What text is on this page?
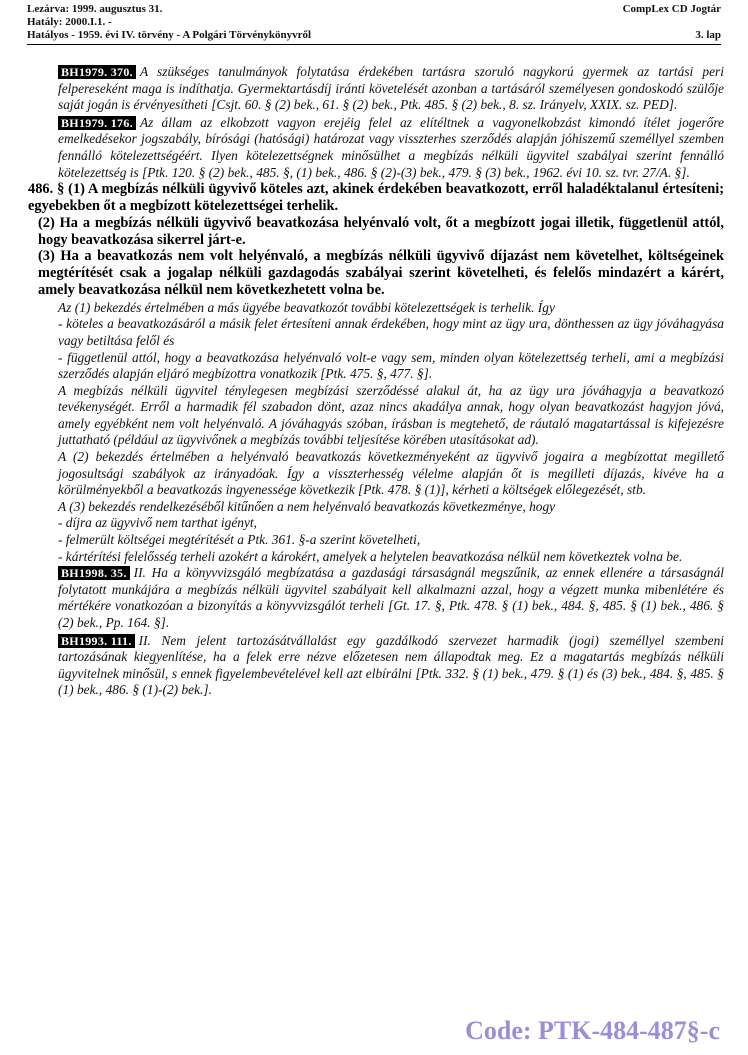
Lezárva: 1999. augusztus 31.	CompLex CD Jogtár
Hatály: 2000.I.1. -
Hatályos - 1959. évi IV. törvény - A Polgári Törvénykönyvről	3. lap

BH1979. 370. A szükséges tanulmányok folytatása érdekében tartásra szoruló nagykorú gyermek az tartási peri felpereseként maga is indíthatja. Gyermektartásdíj iránti követelését azonban a tartásáról személyesen gondoskodó szülője saját jogán is érvényesítheti [Csjt. 60. § (2) bek., 61. § (2) bek., Ptk. 485. § (2) bek., 8. sz. Irányelv, XXIX. sz. PED].

BH1979. 176. Az állam az elkobzott vagyon erejéig felel az elítéltnek a vagyonelkobzást kimondó ítélet jogerőre emelkedésekor jogszabály, bírósági (hatósági) határozat vagy visszterhes szerződés alapján jóhiszemű személlyel szemben fennálló kötelezettségéért. Ilyen kötelezettségnek minősülhet a megbízás nélküli ügyvitel szabályai szerint fennálló kötelezettség is [Ptk. 120. § (2) bek., 485. §, (1) bek., 486. § (2)-(3) bek., 479. § (3) bek., 1962. évi 10. sz. tvr. 27/A. §].

486. § (1) A megbízás nélküli ügyvivő köteles azt, akinek érdekében beavatkozott, erről haladéktalanul értesíteni; egyebekben őt a megbízott kötelezettségei terhelik.

(2) Ha a megbízás nélküli ügyvivő beavatkozása helyénvaló volt, őt a megbízott jogai illetik, függetlenül attól, hogy beavatkozása sikerrel járt-e.

(3) Ha a beavatkozás nem volt helyénvaló, a megbízás nélküli ügyvivő díjazást nem követelhet, költségeinek megtérítését csak a jogalap nélküli gazdagodás szabályai szerint követelheti, és felelős mindazért a kárért, amely beavatkozása nélkül nem következhetett volna be.

Az (1) bekezdés értelmében a más ügyébe beavatkozót további kötelezettségek is terhelik. Így

- köteles a beavatkozásáról a másik felet értesíteni annak érdekében, hogy mint az ügy ura, dönthessen az ügy jóváhagyása vagy betiltása felől és

- függetlenül attól, hogy a beavatkozása helyénvaló volt-e vagy sem, minden olyan kötelezettség terheli, ami a megbízási szerződés alapján eljáró megbízottra vonatkozik [Ptk. 475. §, 477. §].

A megbízás nélküli ügyvitel ténylegesen megbízási szerződéssé alakul át, ha az ügy ura jóváhagyja a beavatkozó tevékenységét. Erről a harmadik fél szabadon dönt, azaz nincs akadálya annak, hogy olyan beavatkozást hagyjon jóvá, amely egyébként nem volt helyénvaló. A jóváhagyás szóban, írásban is megtehető, de ráutaló magatartással is kifejezésre juttatható (például az ügyvivőnek a megbízás további teljesítése körében utasításokat ad).

A (2) bekezdés értelmében a helyénvaló beavatkozás következményeként az ügyvivő jogaira a megbízottat megillető jogosultsági szabályok az irányadóak. Így a visszterhesség vélelme alapján őt is megilleti díjazás, kivéve ha a körülményekből a beavatkozás ingyenessége következik [Ptk. 478. § (1)], kérheti a költségek előlegezését, stb.

A (3) bekezdés rendelkezéséből kitűnően a nem helyénvaló beavatkozás következménye, hogy

- díjra az ügyvivő nem tarthat igényt,

- felmerült költségei megtérítését a Ptk. 361. §-a szerint követelheti,

- kártérítési felelősség terheli azokért a károkért, amelyek a helytelen beavatkozása nélkül nem következtek volna be.

BH1998. 35. II. Ha a könyvvizsgáló megbízatása a gazdasági társaságnál megszűnik, az ennek ellenére a társaságnál folytatott munkájára a megbízás nélküli ügyvitel szabályait kell alkalmazni azzal, hogy a végzett munka mibenlétére és mértékére vonatkozóan a bizonyítás a könyvvizsgálót terheli [Gt. 17. §, Ptk. 478. § (1) bek., 484. §, 485. § (1) bek., 486. § (2) bek., Pp. 164. §].

BH1993. 111. II. Nem jelent tartozásátvállalást egy gazdálkodó szervezet harmadik (jogi) személlyel szembeni tartozásának kiegyenlítése, ha a felek erre nézve előzetesen nem állapodtak meg. Ez a magatartás megbízás nélküli ügyvitelnek minősül, s ennek figyelembevételével kell azt elbírálni [Ptk. 332. § (1) bek., 479. § (1) és (3) bek., 484. §, 485. § (1) bek., 486. § (1)-(2) bek.].

Code: PTK-484-487§-c
